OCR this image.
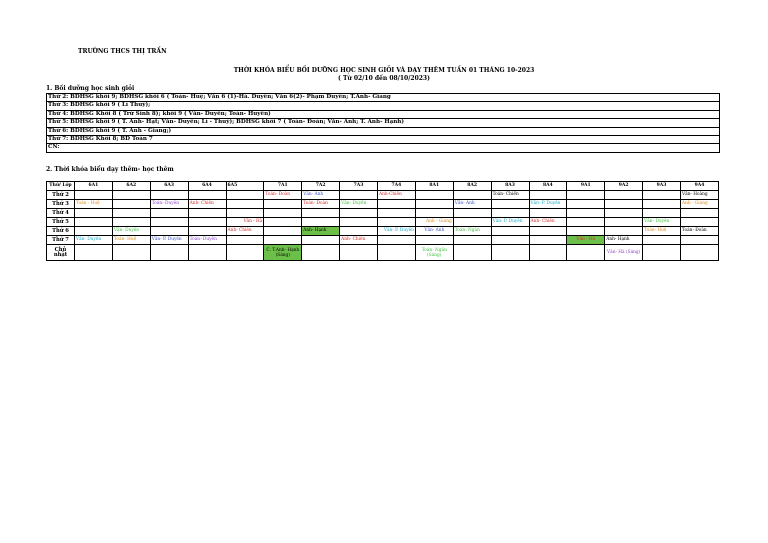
TRƯỜNG THCS THỊ TRẤN
THỜI KHÓA BIỂU BỒI DƯỠNG HỌC SINH GIỎI VÀ DẠY THÊM TUẦN 01 THÁNG 10-2023
( Từ 02/10 đến 08/10/2023)
1. Bồi dưỡng học sinh giỏi
Thứ 2: BDHSG khối 9; BDHSG khối 6 ( Toán- Huệ; Văn 6 (1)-Hà. Duyên; Văn 6(2)- Phạm Duyên; T.Anh- Giang
Thứ 3: BDHSG khối 9 ( Lí Thuỷ);
Thứ 4: BDHSG Khối 8 ( Trừ Sinh 8); khối 9 ( Văn- Duyên; Toán- Huyền)
Thứ 5: BDHSG khối 9 ( T. Anh- Hạt; Văn- Duyên; Lí - Thuỷ); BDHSG khối 7 ( Toán- Đoàn; Văn- Anh; T. Anh- Hạnh)
Thứ 6: BDHSG khối 9 ( T. Anh - Giang;)
Thứ 7: BDHSG Khối 8; BD Toán 7
CN:
2. Thời khóa biểu dạy thêm- học thêm
Thứ/ Lớp	6A1	6A2	6A3	6A4	6A5	7A1	7A2	7A3	7A4	8A1	8A2	8A3	8A4	9A1	9A2	9A3	9A4
Thứ 2						Toán- Đoàn	Văn- Anh		Anh-Chiên			Toán- Chiến					Văn- Hoàng
Thứ 3	Toán - Huệ		Toán- Duyên	Anh- Chiên			Toán- Đoàn	Văn- Duyên			Văn- Anh		Văn- P. Duyên				Anh - Giang
Thứ 4																	
Thứ 5					Văn - Hà					Anh - Giang		Văn- P. Duyên	Anh- Chiên			Văn- Duyên	
Thứ 6		Văn- Duyên			Anh- Chiên		Anh- Hạnh		Văn- P. Duyên	Văn- Anh	Toán- Ngân					Toán- Huệ	Toán- Đoàn
Thứ 7	Văn- Duyên	Toán- Huệ	Văn- P. Duyên	Toán- Duyên				Anh- Chiên						Văn - Hà	Anh- Hạnh		
Chủ nhật						C. T.Anh- Hạnh (Sáng)				Toán- Ngân (Sáng)					Văn- Hà (Sáng)		
